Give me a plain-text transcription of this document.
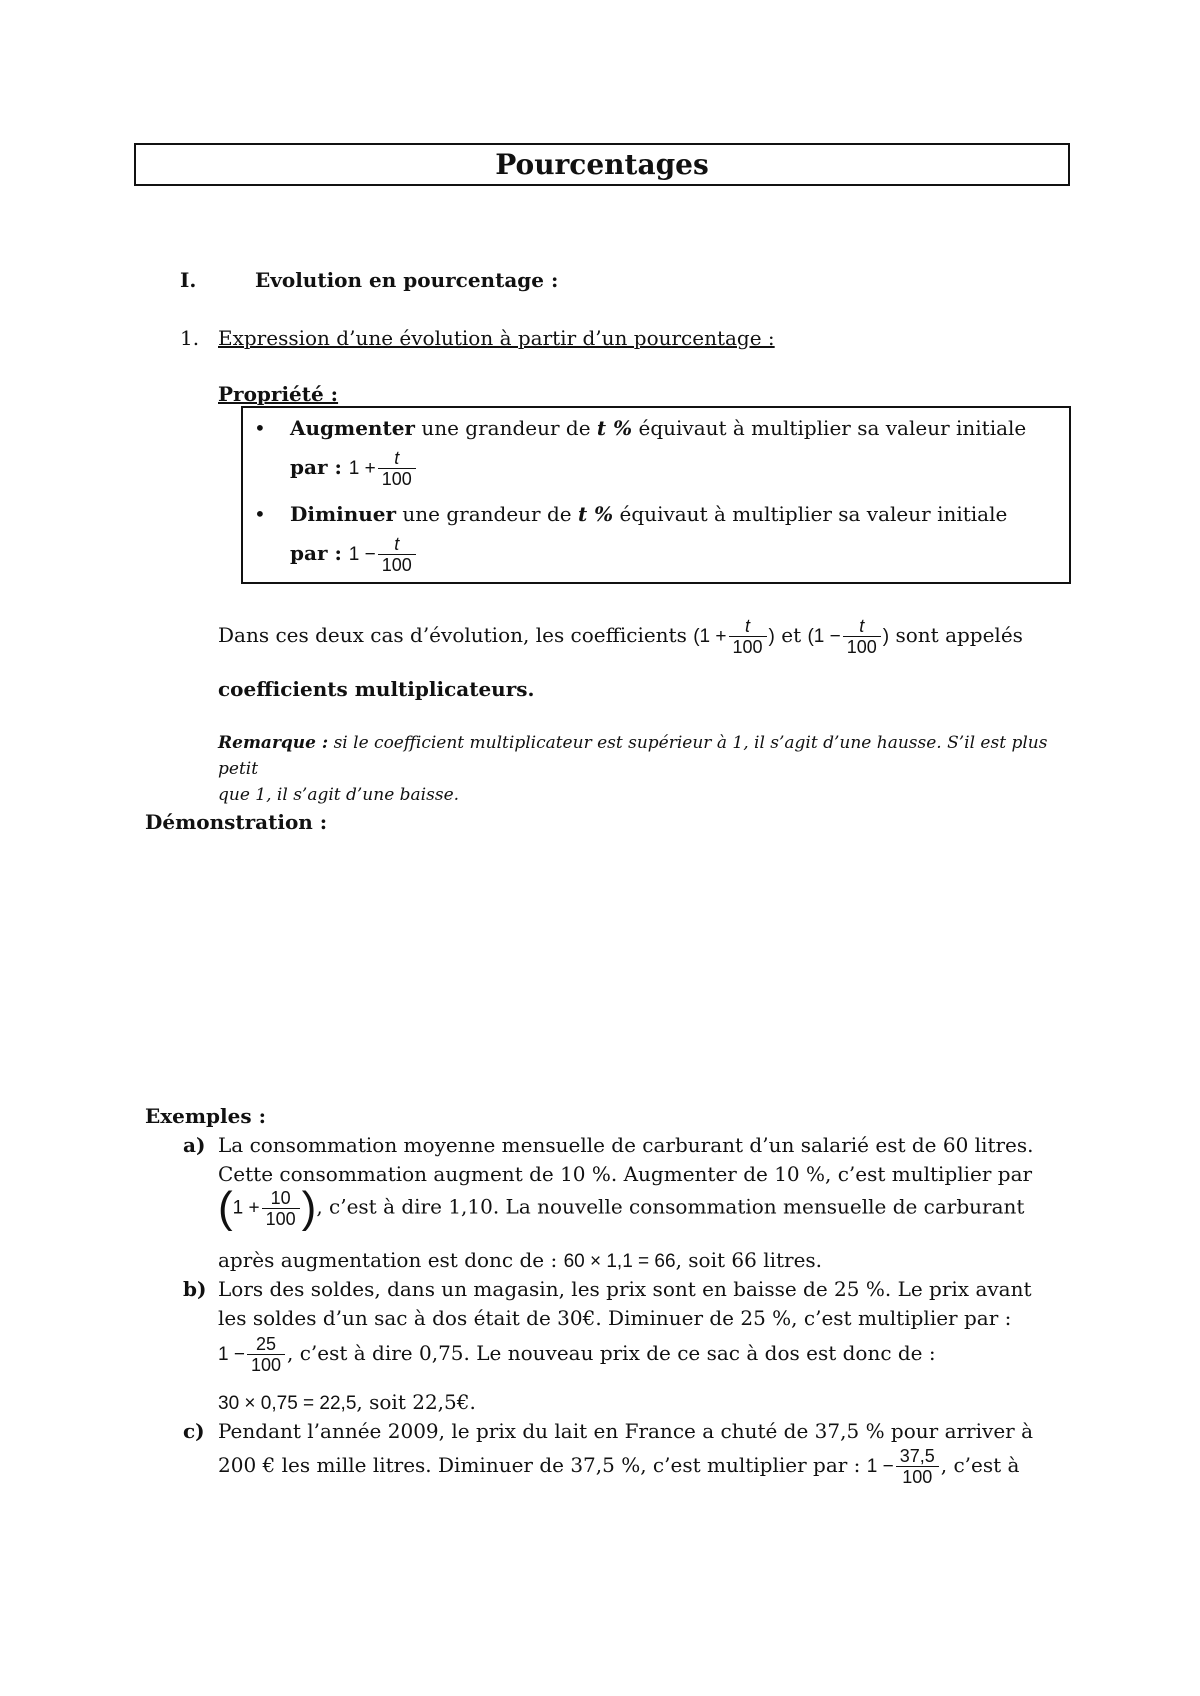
Pourcentages
I.	Evolution en pourcentage :
1. Expression d’une évolution à partir d’un pourcentage :
Propriété :
• Augmenter une grandeur de t % équivaut à multiplier sa valeur initiale
par : $1 + \frac{t}{100}$
• Diminuer une grandeur de t % équivaut à multiplier sa valeur initiale
par : $1 - \frac{t}{100}$
Dans ces deux cas d’évolution, les coefficients ($1 + \frac{t}{100}$ ) et ($1 - \frac{t}{100}$ ) sont appelés
coefficients multiplicateurs.
Remarque : si le coefficient multiplicateur est supérieur à 1, il s’agit d’une hausse. S’il est plus petit
que 1, il s’agit d’une baisse.
Démonstration :
Exemples :
a) La consommation moyenne mensuelle de carburant d’un salarié est de 60 litres.
Cette consommation augment de 10 %. Augmenter de 10 %, c’est multiplier par
($1 + \frac{10}{100}$ ), c’est à dire 1,10. La nouvelle consommation mensuelle de carburant
après augmentation est donc de : 60 × 1,1 = 66, soit 66 litres.
b) Lors des soldes, dans un magasin, les prix sont en baisse de 25 %. Le prix avant
les soldes d’un sac à dos était de 30€. Diminuer de 25 %, c’est multiplier par :
$1 - \frac{25}{100}$ , c’est à dire 0,75. Le nouveau prix de ce sac à dos est donc de :
30 × 0,75 = 22,5, soit 22,5€.
c) Pendant l’année 2009, le prix du lait en France a chuté de 37,5 % pour arriver à
200 € les mille litres. Diminuer de 37,5 %, c’est multiplier par : $1 - \frac{37,5}{100}$ , c’est à
